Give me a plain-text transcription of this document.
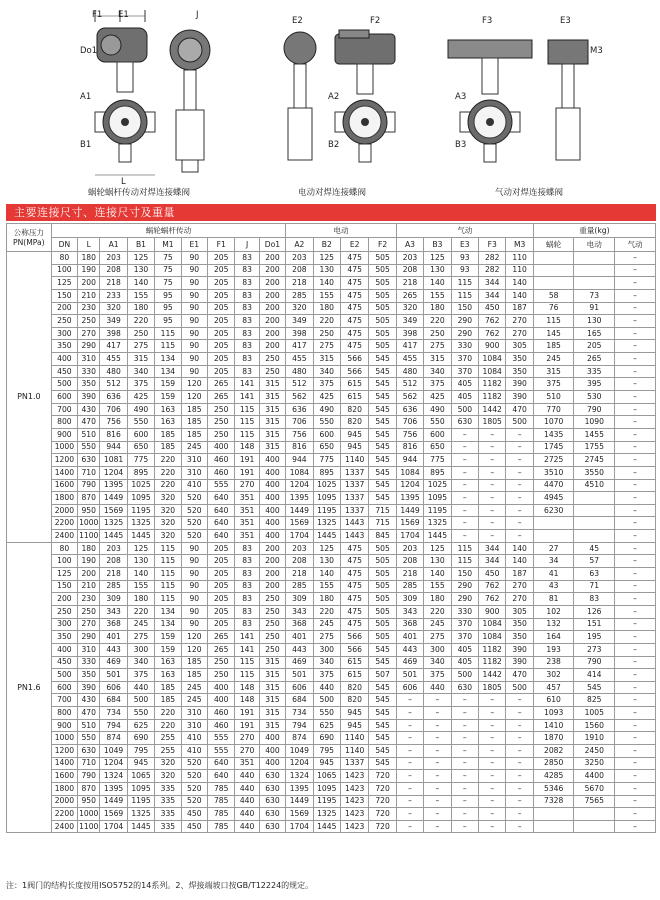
F1 E1	J
Do1
A1
B1
L
E2	F2
A2
B2
F3	E3
M3
A3
B3
蜗轮蜗杆传动对焊连接蝶阀	电动对焊连接蝶阀	气动对焊连接蝶阀
主要连接尺寸、连接尺寸及重量
公称压力PN(MPa)	蜗轮蜗杆传动									电动				气动					重量(kg)		
	DN	L	A1	B1	M1	E1	F1	J	Do1	A2	B2	E2	F2	A3	B3	E3	F3	M3	蜗轮	电动	气动
PN1.0	80	180	203	125	75	90	205	83	200	203	125	475	505	203	125	93	282	110			–
	100	190	208	130	75	90	205	83	200	208	130	475	505	208	130	93	282	110			–
	125	200	218	140	75	90	205	83	200	218	140	475	505	218	140	115	344	140			–
	150	210	233	155	95	90	205	83	200	285	155	475	505	265	155	115	344	140	58	73	–
	200	230	320	180	95	90	205	83	200	320	180	475	505	320	180	150	450	187	76	91	–
	250	250	349	220	95	90	205	83	200	349	220	475	505	349	220	290	762	270	115	130	–
	300	270	398	250	115	90	205	83	200	398	250	475	505	398	250	290	762	270	145	165	–
	350	290	417	275	115	90	205	83	200	417	275	475	505	417	275	330	900	305	185	205	–
	400	310	455	315	134	90	205	83	250	455	315	566	545	455	315	370	1084	350	245	265	–
	450	330	480	340	134	90	205	83	250	480	340	566	545	480	340	370	1084	350	315	335	–
	500	350	512	375	159	120	265	141	315	512	375	615	545	512	375	405	1182	390	375	395	–
	600	390	636	425	159	120	265	141	315	562	425	615	545	562	425	405	1182	390	510	530	–
	700	430	706	490	163	185	250	115	315	636	490	820	545	636	490	500	1442	470	770	790	–
	800	470	756	550	163	185	250	115	315	706	550	820	545	706	550	630	1805	500	1070	1090	–
	900	510	816	600	185	185	250	115	315	756	600	945	545	756	600	–	–	–	1435	1455	–
	1000	550	944	650	185	245	400	148	315	816	650	945	545	816	650	–	–	–	1745	1755	–
	1200	630	1081	775	220	310	460	191	400	944	775	1140	545	944	775	–	–	–	2725	2745	–
	1400	710	1204	895	220	310	460	191	400	1084	895	1337	545	1084	895	–	–	–	3510	3550	–
	1600	790	1395	1025	220	410	555	270	400	1204	1025	1337	545	1204	1025	–	–	–	4470	4510	–
	1800	870	1449	1095	320	520	640	351	400	1395	1095	1337	545	1395	1095	–	–	–	4945		–
	2000	950	1569	1195	320	520	640	351	400	1449	1195	1337	715	1449	1195	–	–	–	6230		–
	2200	1000	1325	1325	320	520	640	351	400	1569	1325	1443	715	1569	1325	–	–	–			–
	2400	1100	1445	1445	320	520	640	351	400	1704	1445	1443	845	1704	1445	–	–	–			–
PN1.6	80	180	203	125	115	90	205	83	200	203	125	475	505	203	125	115	344	140	27	45	–
	100	190	208	130	115	90	205	83	200	208	130	475	505	208	130	115	344	140	34	57	–
	125	200	218	140	115	90	205	83	200	218	140	475	505	218	140	150	450	187	41	63	–
	150	210	285	155	115	90	205	83	200	285	155	475	505	285	155	290	762	270	43	71	–
	200	230	309	180	115	90	205	83	250	309	180	475	505	309	180	290	762	270	81	83	–
	250	250	343	220	134	90	205	83	250	343	220	475	505	343	220	330	900	305	102	126	–
	300	270	368	245	134	90	205	83	250	368	245	475	505	368	245	370	1084	350	132	151	–
	350	290	401	275	159	120	265	141	250	401	275	566	505	401	275	370	1084	350	164	195	–
	400	310	443	300	159	120	265	141	250	443	300	566	545	443	300	405	1182	390	193	273	–
	450	330	469	340	163	185	250	115	315	469	340	615	545	469	340	405	1182	390	238	790	–
	500	350	501	375	163	185	250	115	315	501	375	615	507	501	375	500	1442	470	302	414	–
	600	390	606	440	185	245	400	148	315	606	440	820	545	606	440	630	1805	500	457	545	–
	700	430	684	500	185	245	400	148	315	684	500	820	545	–	–	–	–	–	610	825	–
	800	470	734	550	220	310	460	191	315	734	550	945	545	–	–	–	–	–	1093	1005	–
	900	510	794	625	220	310	460	191	315	794	625	945	545	–	–	–	–	–	1410	1560	–
	1000	550	874	690	255	410	555	270	400	874	690	1140	545	–	–	–	–	–	1870	1910	–
	1200	630	1049	795	255	410	555	270	400	1049	795	1140	545	–	–	–	–	–	2082	2450	–
	1400	710	1204	945	320	520	640	351	400	1204	945	1337	545	–	–	–	–	–	2850	3250	–
	1600	790	1324	1065	320	520	640	440	630	1324	1065	1423	720	–	–	–	–	–	4285	4400	–
	1800	870	1395	1095	335	520	785	440	630	1395	1095	1423	720	–	–	–	–	–	5346	5670	–
	2000	950	1449	1195	335	520	785	440	630	1449	1195	1423	720	–	–	–	–	–	7328	7565	–
	2200	1000	1569	1325	335	450	785	440	630	1569	1325	1423	720	–	–	–	–	–			–
	2400	1100	1704	1445	335	450	785	440	630	1704	1445	1423	720	–	–	–	–	–			–
注：1阀门的结构长度按用ISO5752的14系列。2、焊接端坡口按GB/T12224的规定。
